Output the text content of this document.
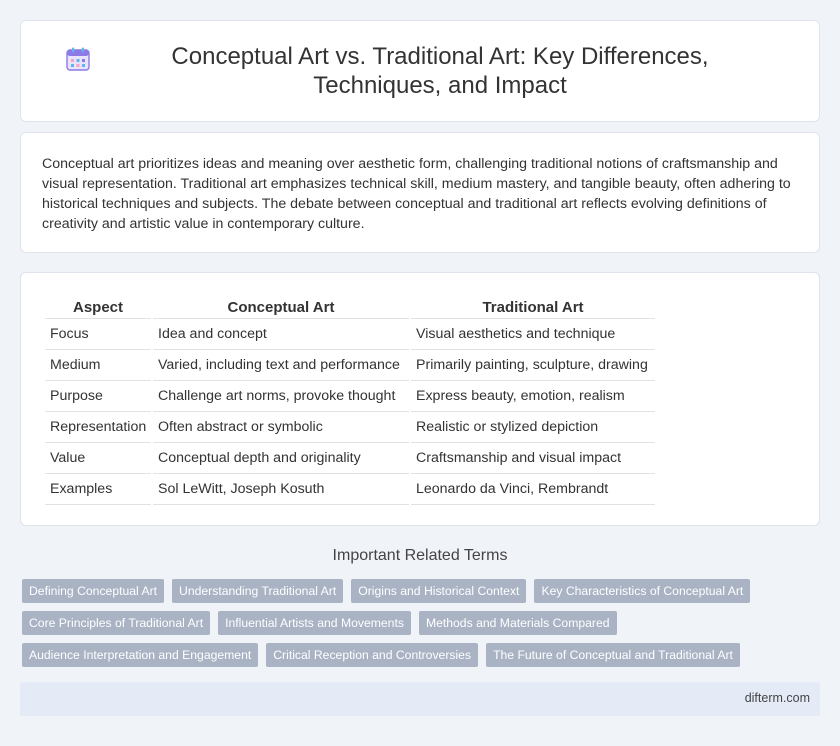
Conceptual Art vs. Traditional Art: Key Differences, Techniques, and Impact

Conceptual art prioritizes ideas and meaning over aesthetic form, challenging traditional notions of craftsmanship and visual representation. Traditional art emphasizes technical skill, medium mastery, and tangible beauty, often adhering to historical techniques and subjects. The debate between conceptual and traditional art reflects evolving definitions of creativity and artistic value in contemporary culture.

Aspect	Conceptual Art	Traditional Art
Focus	Idea and concept	Visual aesthetics and technique
Medium	Varied, including text and performance	Primarily painting, sculpture, drawing
Purpose	Challenge art norms, provoke thought	Express beauty, emotion, realism
Representation	Often abstract or symbolic	Realistic or stylized depiction
Value	Conceptual depth and originality	Craftsmanship and visual impact
Examples	Sol LeWitt, Joseph Kosuth	Leonardo da Vinci, Rembrandt
Important Related Terms
Defining Conceptual Art	Understanding Traditional Art	Origins and Historical Context	Key Characteristics of Conceptual Art
Core Principles of Traditional Art	Influential Artists and Movements	Methods and Materials Compared
Audience Interpretation and Engagement	Critical Reception and Controversies	The Future of Conceptual and Traditional Art
difterm.com
